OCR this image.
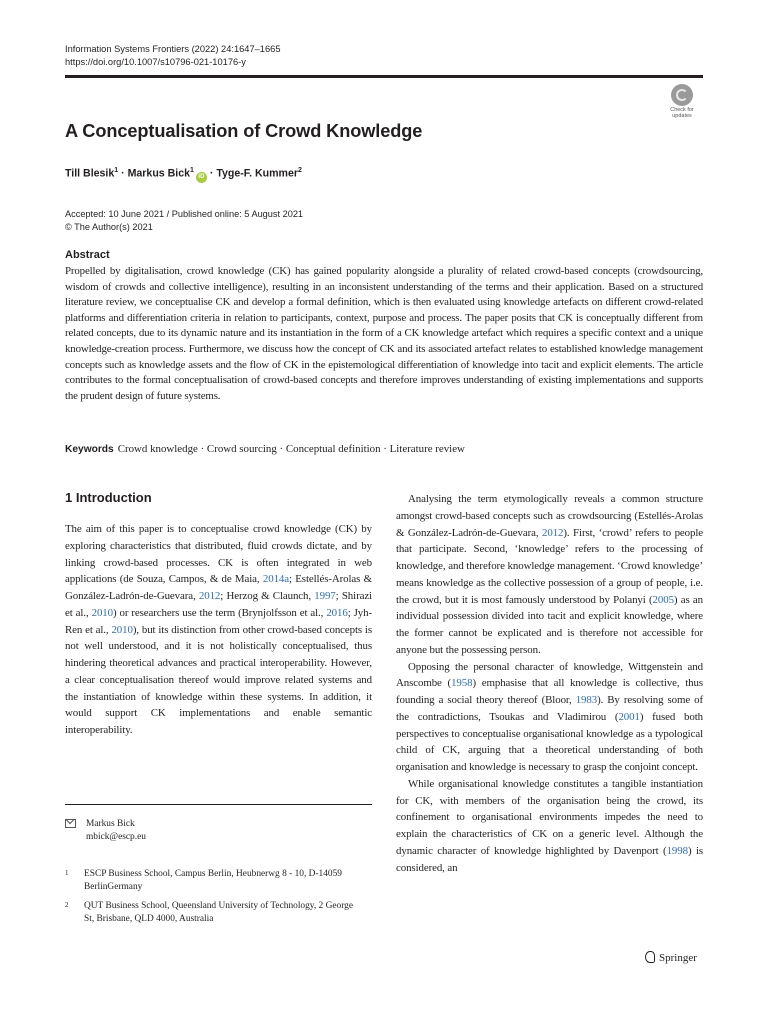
Information Systems Frontiers (2022) 24:1647–1665
https://doi.org/10.1007/s10796-021-10176-y
Check for
updates
A Conceptualisation of Crowd Knowledge
Till Blesik$^1$ · Markus Bick$^1$iD · Tyge-F. Kummer$^2$
Accepted: 10 June 2021 / Published online: 5 August 2021
© The Author(s) 2021
Abstract

Propelled by digitalisation, crowd knowledge (CK) has gained popularity alongside a plurality of related crowd-based concepts (crowdsourcing, wisdom of crowds and collective intelligence), resulting in an inconsistent understanding of the terms and their application. Based on a structured literature review, we conceptualise CK and develop a formal definition, which is then evaluated using knowledge artefacts on different crowd-related platforms and differentiation criteria in relation to participants, context, purpose and process. The paper posits that CK is conceptually different from related concepts, due to its dynamic nature and its instantiation in the form of a CK knowledge artefact which requires a specific context and a unique knowledge-creation process. Furthermore, we discuss how the concept of CK and its associated artefact relates to established knowledge management concepts such as knowledge assets and the flow of CK in the epistemological differentiation of knowledge into tacit and explicit elements. The article contributes to the formal conceptualisation of crowd-based concepts and therefore improves understanding of existing implementations and supports the prudent design of future systems.

Keywords Crowd knowledge · Crowd sourcing · Conceptual definition · Literature review
1 Introduction

The aim of this paper is to conceptualise crowd knowledge (CK) by exploring characteristics that distributed, fluid crowds dictate, and by linking crowd-based processes. CK is often integrated in web applications (de Souza, Campos, & de Maia, 2014a; Estellés-Arolas & González-Ladrón-de-Guevara, 2012; Herzog & Claunch, 1997; Shirazi et al., 2010) or researchers use the term (Brynjolfsson et al., 2016; Jyh-Ren et al., 2010), but its distinction from other crowd-based concepts is not well understood, and it is not holistically conceptualised, thus hindering theoretical advances and practical interoperability. However, a clear conceptualisation thereof would improve related systems and the instantiation of knowledge within these systems. In addition, it would support CK implementations and enable semantic interoperability.

Analysing the term etymologically reveals a common structure amongst crowd-based concepts such as crowdsourcing (Estellés-Arolas & González-Ladrón-de-Guevara, 2012). First, ‘crowd’ refers to people that participate. Second, ‘knowledge’ refers to the processing of knowledge, and therefore knowledge management. ‘Crowd knowledge’ means knowledge as the collective possession of a group of people, i.e. the crowd, but it is most famously understood by Polanyi (2005) as an individual possession divided into tacit and explicit knowledge, where the former cannot be explicated and is therefore not accessible for anyone but the possessing person.

Opposing the personal character of knowledge, Wittgenstein and Anscombe (1958) emphasise that all knowledge is collective, thus founding a social theory thereof (Bloor, 1983). By resolving some of the contradictions, Tsoukas and Vladimirou (2001) fused both perspectives to conceptualise organisational knowledge as a typological child of CK, arguing that a theoretical understanding of both organisation and knowledge is necessary to grasp the conjoint concept.

While organisational knowledge constitutes a tangible instantiation for CK, with members of the organisation being the crowd, its confinement to organisational environments impedes the need to explain the characteristics of CK on a generic level. Although the dynamic character of knowledge highlighted by Davenport (1998) is considered, an

Markus Bick
mbick@escp.eu
1 ESCP Business School, Campus Berlin, Heubnerwg 8 - 10, D-14059 BerlinGermany
2 QUT Business School, Queensland University of Technology, 2 George St, Brisbane, QLD 4000, Australia
Springer
